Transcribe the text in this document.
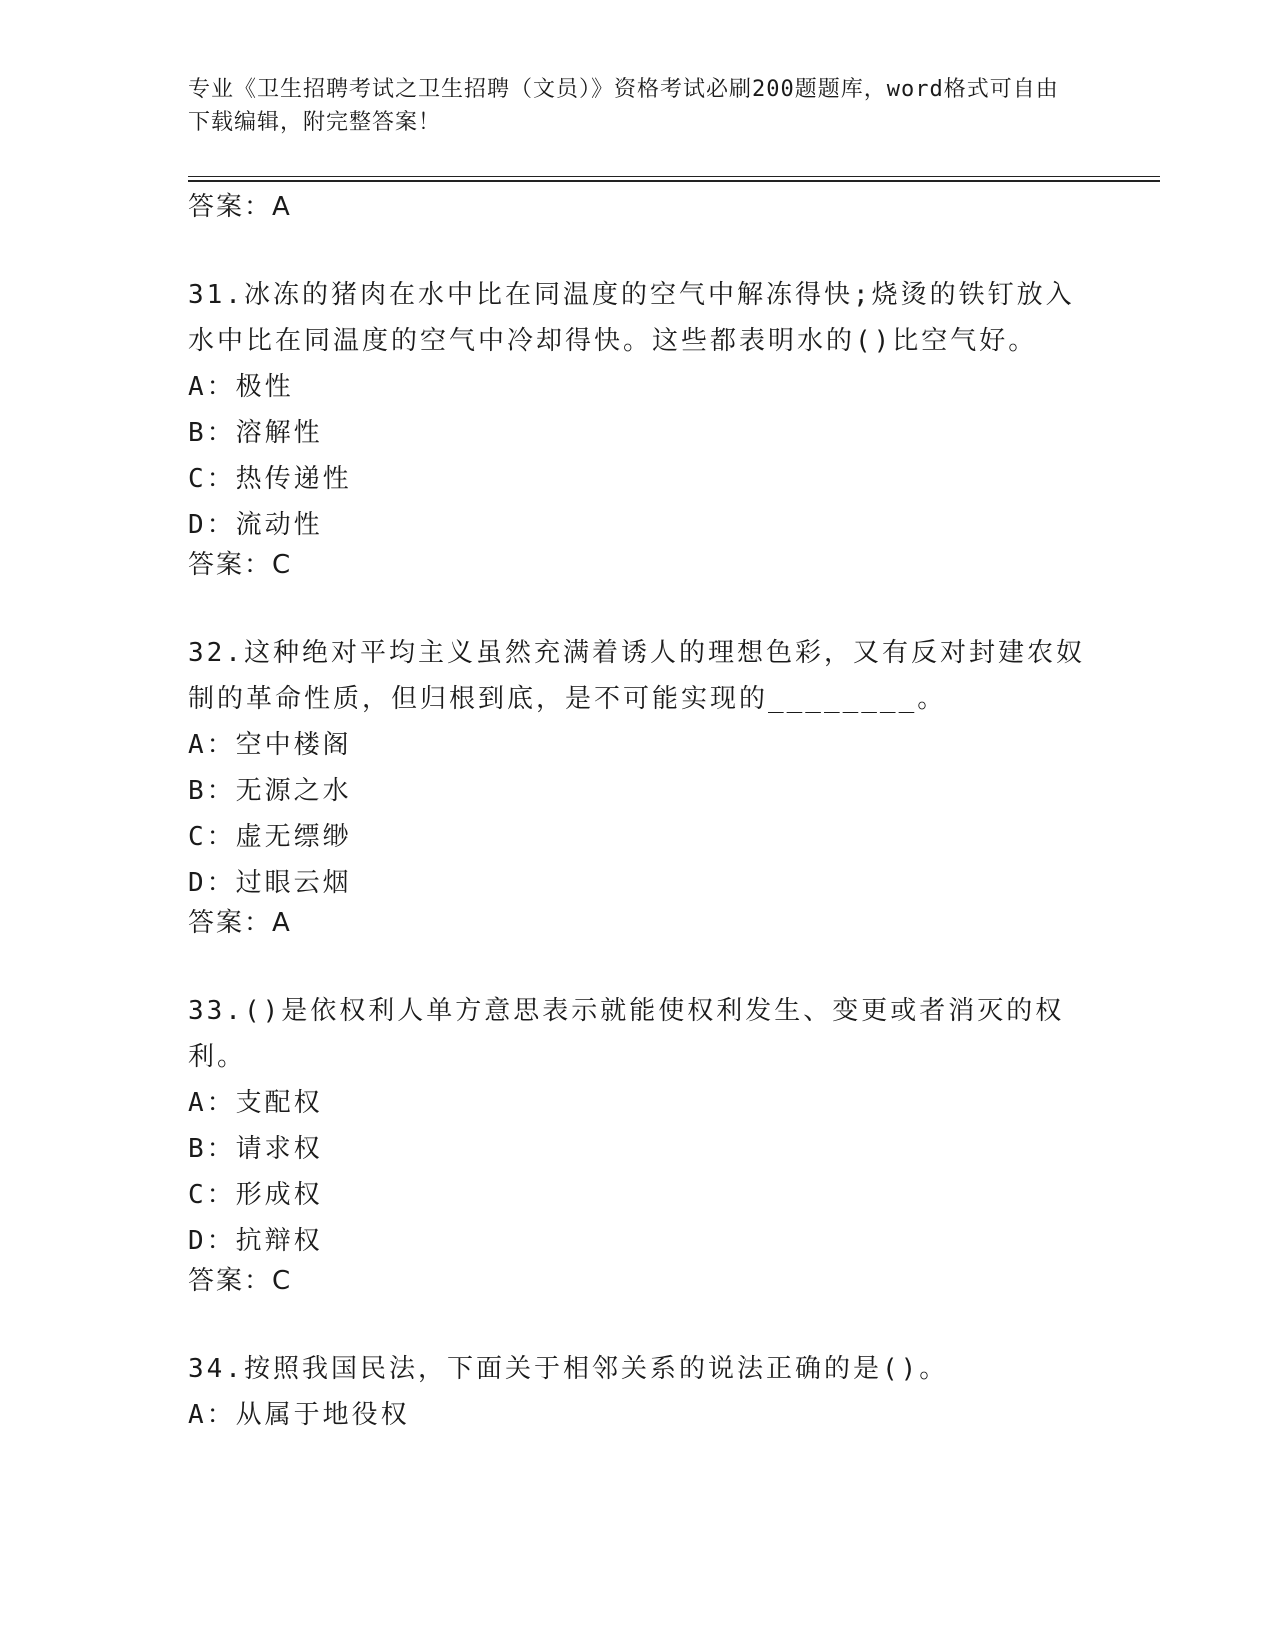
专业《卫生招聘考试之卫生招聘（文员）》资格考试必刷200题题库，word格式可自由下载编辑，附完整答案！

答案：A

31.冰冻的猪肉在水中比在同温度的空气中解冻得快;烧烫的铁钉放入水中比在同温度的空气中冷却得快。这些都表明水的()比空气好。

A：极性

B：溶解性

C：热传递性

D：流动性

答案：C

32.这种绝对平均主义虽然充满着诱人的理想色彩，又有反对封建农奴制的革命性质，但归根到底，是不可能实现的________。

A：空中楼阁

B：无源之水

C：虚无缥缈

D：过眼云烟

答案：A

33.()是依权利人单方意思表示就能使权利发生、变更或者消灭的权利。

A：支配权

B：请求权

C：形成权

D：抗辩权

答案：C

34.按照我国民法，下面关于相邻关系的说法正确的是()。

A：从属于地役权
